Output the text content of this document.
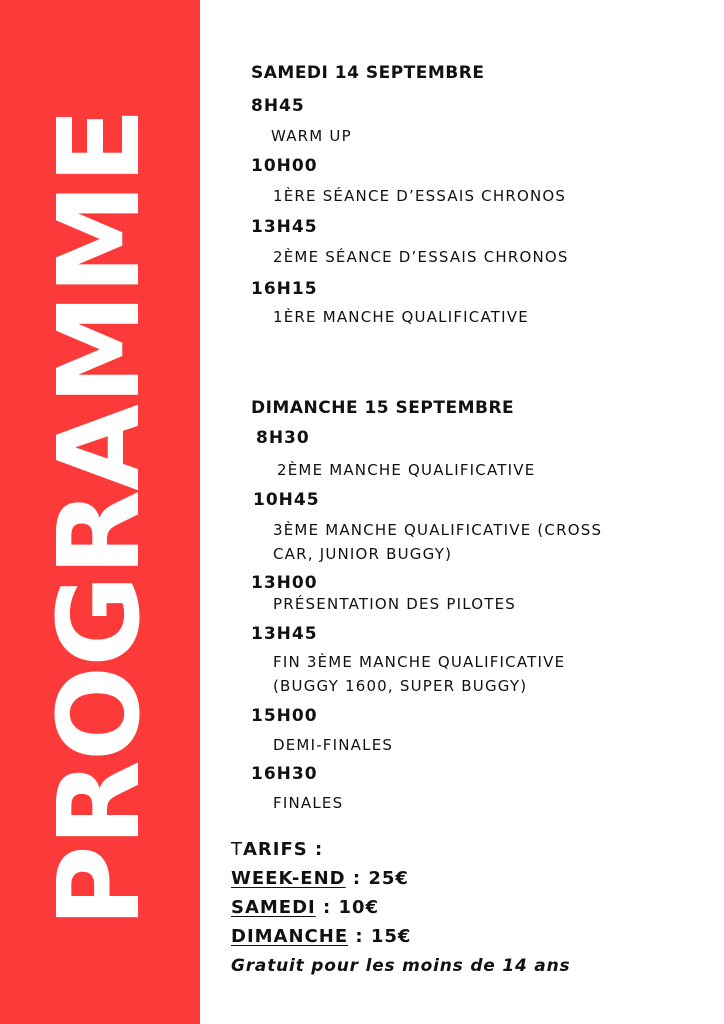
PROGRAMME
SAMEDI 14 SEPTEMBRE
8H45
WARM UP
10H00
1ÈRE SÉANCE D’ESSAIS CHRONOS
13H45
2ÈME SÉANCE D’ESSAIS CHRONOS
16H15
1ÈRE MANCHE QUALIFICATIVE
DIMANCHE 15 SEPTEMBRE
8H30
2ÈME MANCHE QUALIFICATIVE
10H45
3ÈME MANCHE QUALIFICATIVE (CROSS
CAR, JUNIOR BUGGY)
13H00
PRÉSENTATION DES PILOTES
13H45
FIN 3ÈME MANCHE QUALIFICATIVE
(BUGGY 1600, SUPER BUGGY)
15H00
DEMI-FINALES
16H30
FINALES
TARIFS :
WEEK-END : 25€
SAMEDI : 10€
DIMANCHE : 15€
Gratuit pour les moins de 14 ans
